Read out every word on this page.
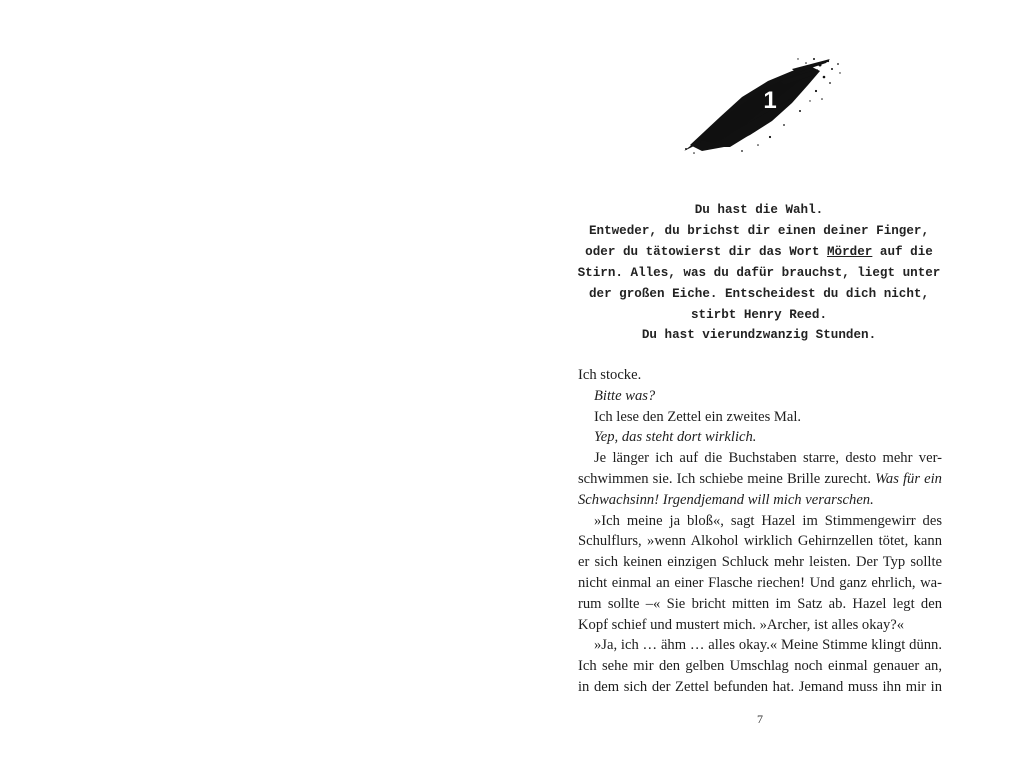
1
Du hast die Wahl.
Entweder, du brichst dir einen deiner Finger,
oder du tätowierst dir das Wort Mörder auf die
Stirn. Alles, was du dafür brauchst, liegt unter
der großen Eiche. Entscheidest du dich nicht,
stirbt Henry Reed.
Du hast vierundzwanzig Stunden.
Ich stocke.
Bitte was?
Ich lese den Zettel ein zweites Mal.
Yep, das steht dort wirklich.
Je länger ich auf die Buchstaben starre, desto mehr ver-
schwimmen sie. Ich schiebe meine Brille zurecht. Was für ein
Schwachsinn! Irgendjemand will mich verarschen.
»Ich meine ja bloß«, sagt Hazel im Stimmengewirr des
Schulflurs, »wenn Alkohol wirklich Gehirnzellen tötet, kann
er sich keinen einzigen Schluck mehr leisten. Der Typ sollte
nicht einmal an einer Flasche riechen! Und ganz ehrlich, wa-
rum sollte –« Sie bricht mitten im Satz ab. Hazel legt den
Kopf schief und mustert mich. »Archer, ist alles okay?«
»Ja, ich … ähm … alles okay.« Meine Stimme klingt dünn.
Ich sehe mir den gelben Umschlag noch einmal genauer an,
in dem sich der Zettel befunden hat. Jemand muss ihn mir in
7
